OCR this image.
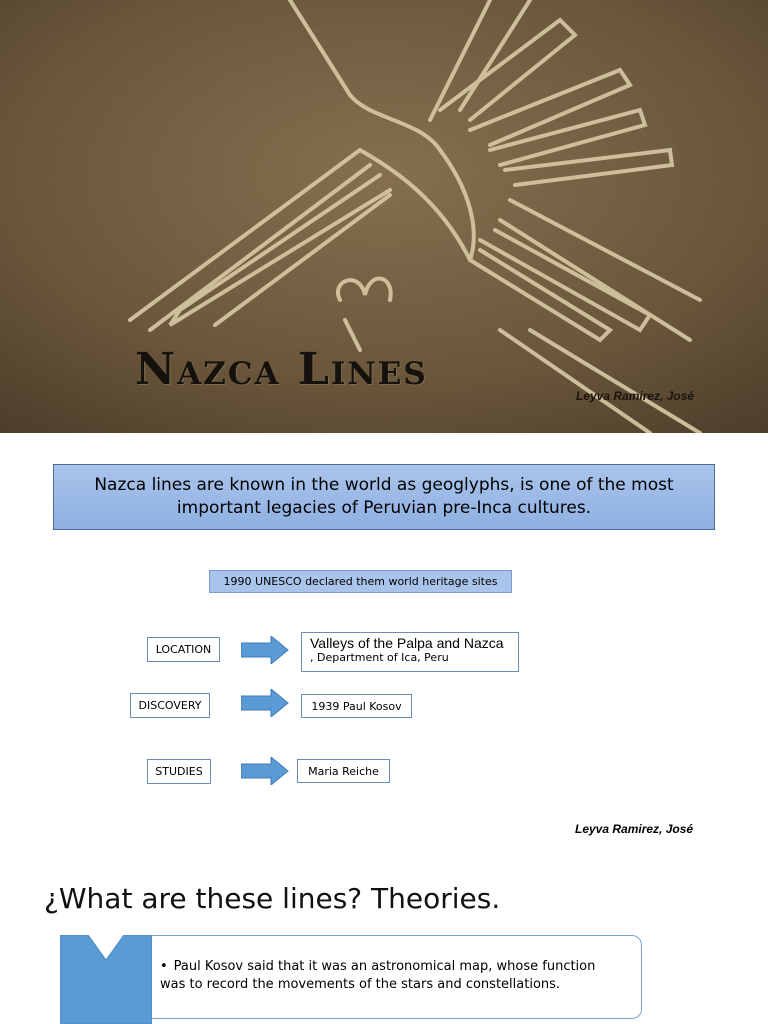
Nazca Lines
Leyva Ramirez, José
Nazca lines are known in the world as geoglyphs, is one of the most important legacies of Peruvian pre-Inca cultures.
1990 UNESCO declared them world heritage sites
LOCATION	Valleys of the Palpa and Nazca
, Department of Ica, Peru
DISCOVERY	1939 Paul Kosov
STUDIES	Maria Reiche
Leyva Ramirez, José
¿What are these lines? Theories.
• Paul Kosov said that it was an astronomical map, whose function was to record the movements of the stars and constellations.
